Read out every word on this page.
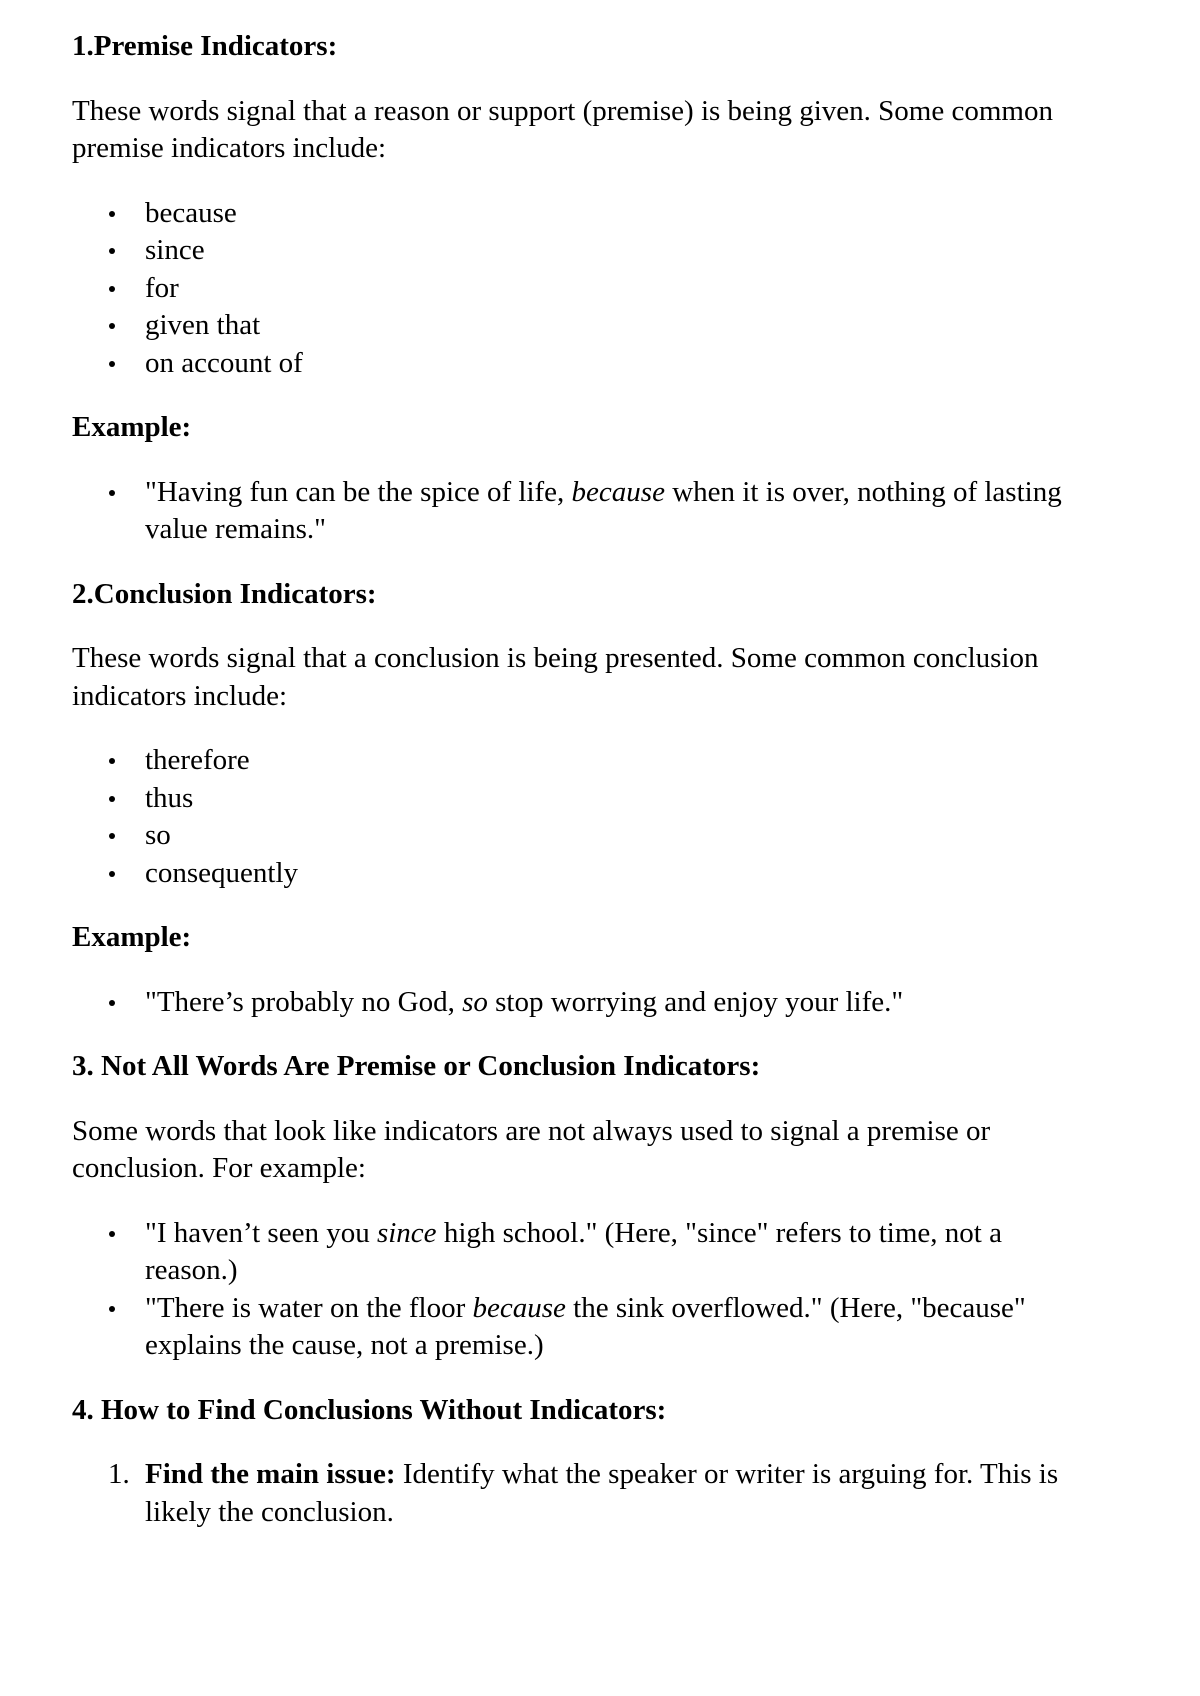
1.Premise Indicators:
These words signal that a reason or support (premise) is being given. Some common premise indicators include:
because
since
for
given that
on account of
Example:
"Having fun can be the spice of life, because when it is over, nothing of lasting value remains."
2.Conclusion Indicators:
These words signal that a conclusion is being presented. Some common conclusion indicators include:
therefore
thus
so
consequently
Example:
"There’s probably no God, so stop worrying and enjoy your life."
3. Not All Words Are Premise or Conclusion Indicators:
Some words that look like indicators are not always used to signal a premise or conclusion. For example:
"I haven’t seen you since high school." (Here, "since" refers to time, not a reason.)
"There is water on the floor because the sink overflowed." (Here, "because" explains the cause, not a premise.)
4. How to Find Conclusions Without Indicators:
1. Find the main issue: Identify what the speaker or writer is arguing for. This is likely the conclusion.
